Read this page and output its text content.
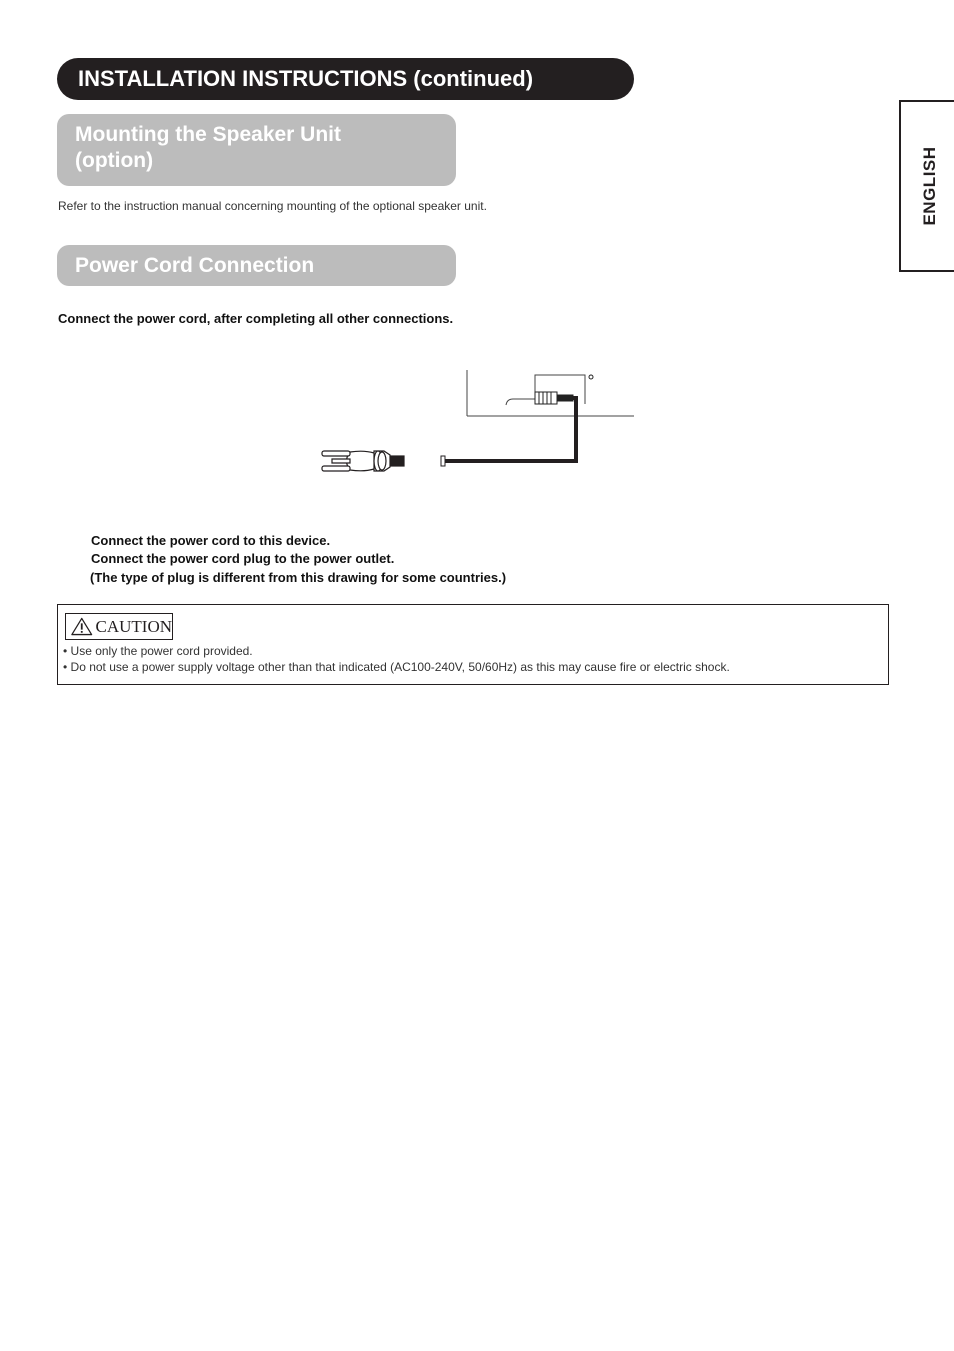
INSTALLATION INSTRUCTIONS (continued)
ENGLISH
Mounting the Speaker Unit
(option)
Refer to the instruction manual concerning mounting of the optional speaker unit.
Power Cord Connection
Connect the power cord, after completing all other connections.
Connect the power cord to this device.
Connect the power cord plug to the power outlet.
(The type of plug is different from this drawing for some countries.)
CAUTION
• Use only the power cord provided.
• Do not use a power supply voltage other than that indicated (AC100-240V, 50/60Hz) as this may cause fire or electric shock.
